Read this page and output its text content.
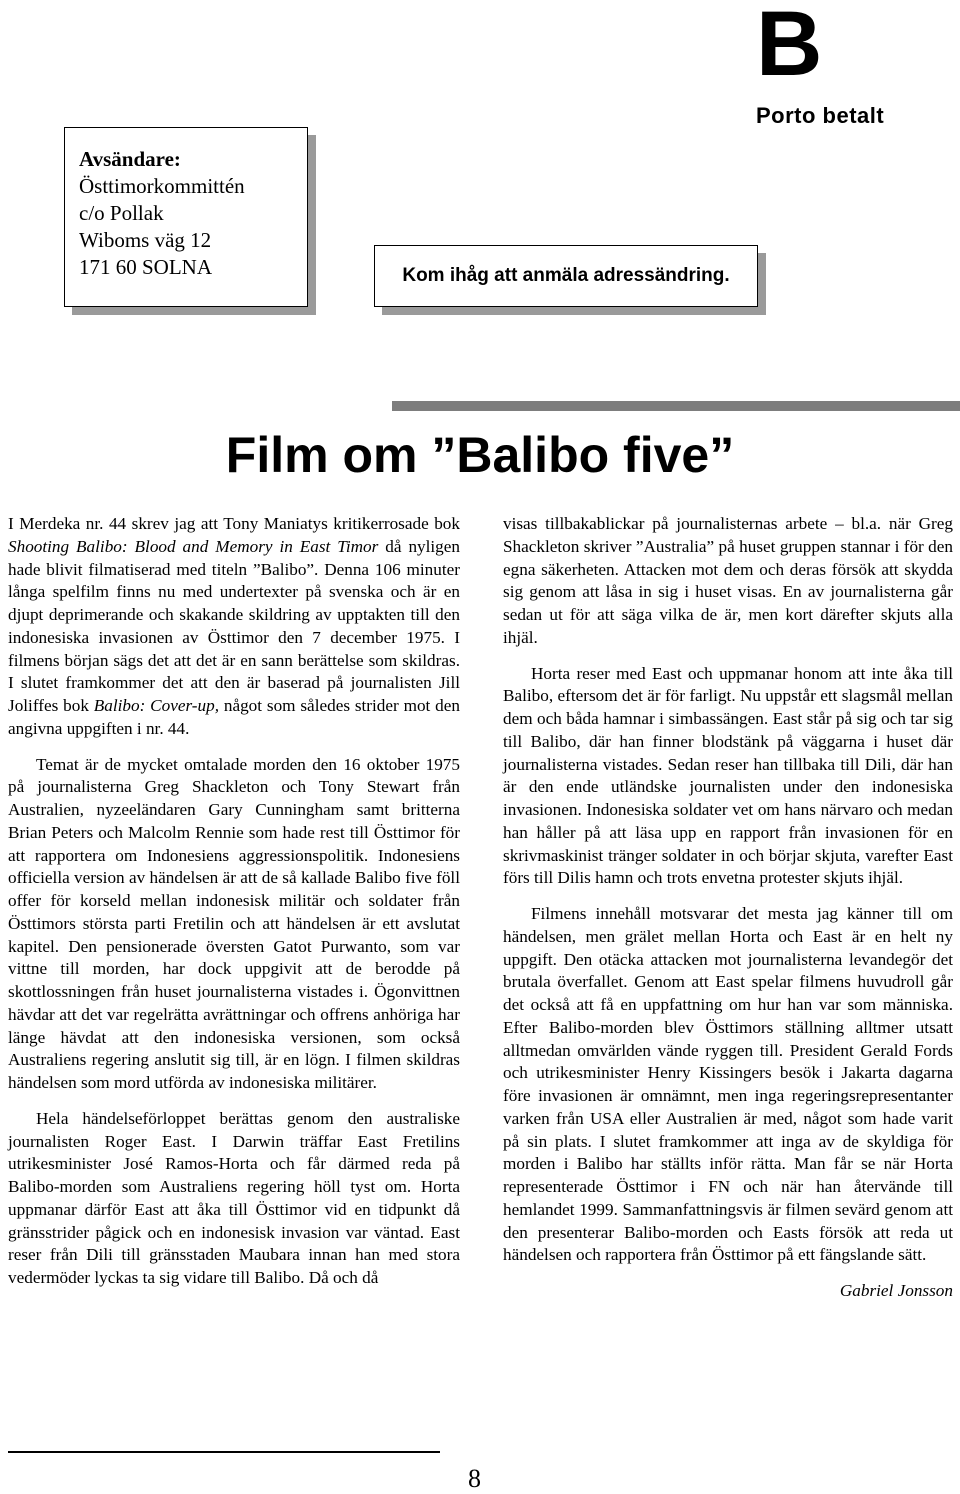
B
Porto betalt
Avsändare:
Östtimorkommittén
c/o Pollak
Wiboms väg 12
171 60 SOLNA	Kom ihåg att anmäla adressändring.
Film om ”Balibo five”

I Merdeka nr. 44 skrev jag att Tony Maniatys kritikerrosade bok Shooting Balibo: Blood and Memory in East Timor då nyligen hade blivit filmatiserad med titeln ”Balibo”. Denna 106 minuter långa spelfilm finns nu med undertexter på svenska och är en djupt deprimerande och skakande skildring av upptakten till den indonesiska invasionen av Östtimor den 7 december 1975. I filmens början sägs det att det är en sann berättelse som skildras. I slutet framkommer det att den är baserad på journalisten Jill Joliffes bok Balibo: Cover-up, något som således strider mot den angivna uppgiften i nr. 44.

Temat är de mycket omtalade morden den 16 oktober 1975 på journalisterna Greg Shackleton och Tony Stewart från Australien, nyzeeländaren Gary Cunningham samt britterna Brian Peters och Malcolm Rennie som hade rest till Östtimor för att rapportera om Indonesiens aggressionspolitik. Indonesiens officiella version av händelsen är att de så kallade Balibo five föll offer för korseld mellan indonesisk militär och soldater från Östtimors största parti Fretilin och att händelsen är ett avslutat kapitel. Den pensionerade översten Gatot Purwanto, som var vittne till morden, har dock uppgivit att de berodde på skottlossningen från huset journalisterna vistades i. Ögonvittnen hävdar att det var regelrätta avrättningar och offrens anhöriga har länge hävdat att den indonesiska versionen, som också Australiens regering anslutit sig till, är en lögn. I filmen skildras händelsen som mord utförda av indonesiska militärer.

Hela händelseförloppet berättas genom den australiske journalisten Roger East. I Darwin träffar East Fretilins utrikesminister José Ramos-Horta och får därmed reda på Balibo-morden som Australiens regering höll tyst om. Horta uppmanar därför East att åka till Östtimor vid en tidpunkt då gränsstrider pågick och en indonesisk invasion var väntad. East reser från Dili till gränsstaden Maubara innan han med stora vedermöder lyckas ta sig vidare till Balibo. Då och då

visas tillbakablickar på journalisternas arbete – bl.a. när Greg Shackleton skriver ”Australia” på huset gruppen stannar i för den egna säkerheten. Attacken mot dem och deras försök att skydda sig genom att låsa in sig i huset visas. En av journalisterna går sedan ut för att säga vilka de är, men kort därefter skjuts alla ihjäl.

Horta reser med East och uppmanar honom att inte åka till Balibo, eftersom det är för farligt. Nu uppstår ett slagsmål mellan dem och båda hamnar i simbassängen. East står på sig och tar sig till Balibo, där han finner blodstänk på väggarna i huset där journalisterna vistades. Sedan reser han tillbaka till Dili, där han är den ende utländske journalisten under den indonesiska invasionen. Indonesiska soldater vet om hans närvaro och medan han håller på att läsa upp en rapport från invasionen för en skrivmaskinist tränger soldater in och börjar skjuta, varefter East förs till Dilis hamn och trots envetna protester skjuts ihjäl.

Filmens innehåll motsvarar det mesta jag känner till om händelsen, men grälet mellan Horta och East är en helt ny uppgift. Den otäcka attacken mot journalisterna levandegör det brutala överfallet. Genom att East spelar filmens huvudroll går det också att få en uppfattning om hur han var som människa. Efter Balibo-morden blev Östtimors ställning alltmer utsatt alltmedan omvärlden vände ryggen till. President Gerald Fords och utrikesminister Henry Kissingers besök i Jakarta dagarna före invasionen är omnämnt, men inga regeringsrepresentanter varken från USA eller Australien är med, något som hade varit på sin plats. I slutet framkommer att inga av de skyldiga för morden i Balibo har ställts inför rätta. Man får se när Horta representerade Östtimor i FN och när han återvände till hemlandet 1999. Sammanfattningsvis är filmen sevärd genom att den presenterar Balibo-morden och Easts försök att reda ut händelsen och rapportera från Östtimor på ett fängslande sätt.

Gabriel Jonsson

8
